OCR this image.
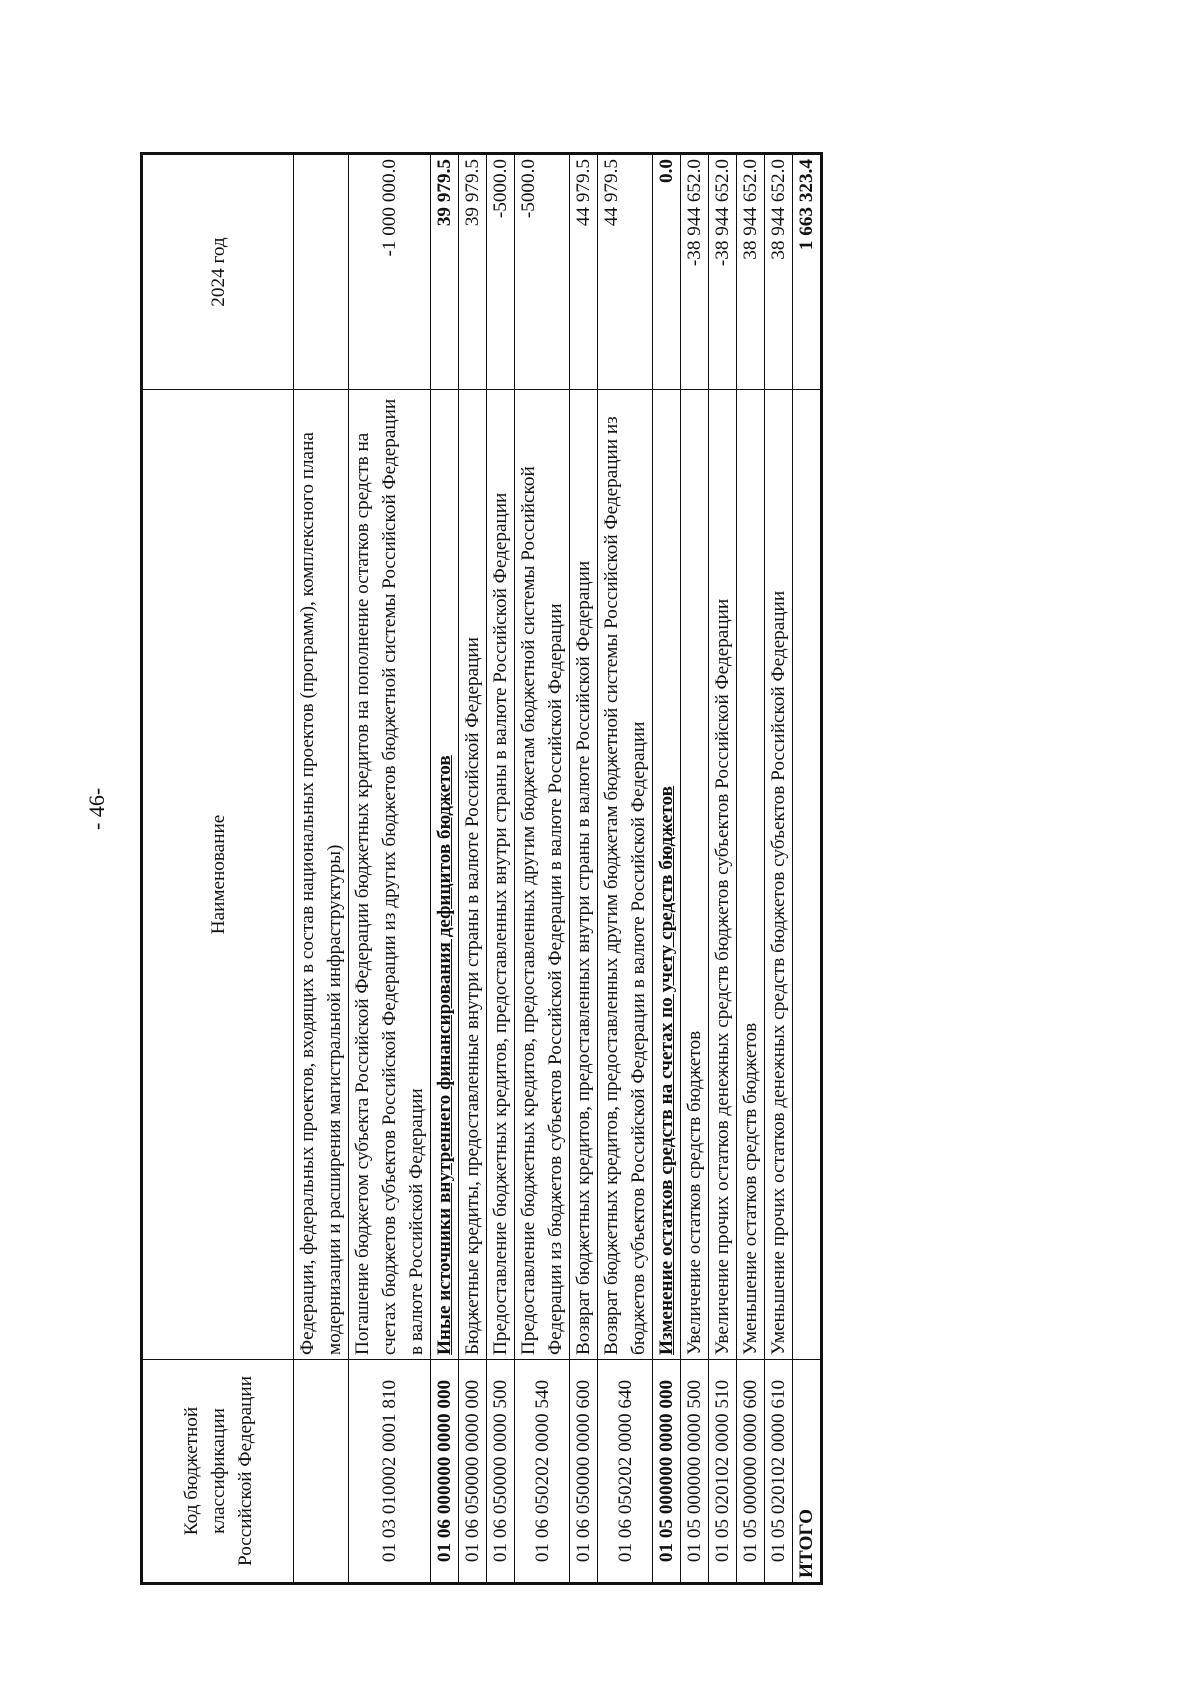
- 46-
Код бюджетной классификации Российской Федерации	Наименование	2024 год
	Федерации, федеральных проектов, входящих в состав национальных проектов (программ), комплексного плана модернизации и расширения магистральной инфраструктуры)	
01 03 010002 0001 810	Погашение бюджетом субъекта Российской Федерации бюджетных кредитов на пополнение остатков средств на счетах бюджетов субъектов Российской Федерации из других бюджетов бюджетной системы Российской Федерации в валюте Российской Федерации	-1 000 000.0
01 06 000000 0000 000	Иные источники внутреннего финансирования дефицитов бюджетов	39 979.5
01 06 050000 0000 000	Бюджетные кредиты, предоставленные внутри страны в валюте Российской Федерации	39 979.5
01 06 050000 0000 500	Предоставление бюджетных кредитов, предоставленных внутри страны в валюте Российской Федерации	-5000.0
01 06 050202 0000 540	Предоставление бюджетных кредитов, предоставленных другим бюджетам бюджетной системы Российской Федерации из бюджетов субъектов Российской Федерации в валюте Российской Федерации	-5000.0
01 06 050000 0000 600	Возврат бюджетных кредитов, предоставленных внутри страны в валюте Российской Федерации	44 979.5
01 06 050202 0000 640	Возврат бюджетных кредитов, предоставленных другим бюджетам бюджетной системы Российской Федерации из бюджетов субъектов Российской Федерации в валюте Российской Федерации	44 979.5
01 05 000000 0000 000	Изменение остатков средств на счетах по учету средств бюджетов	0.0
01 05 000000 0000 500	Увеличение остатков средств бюджетов	-38 944 652.0
01 05 020102 0000 510	Увеличение прочих остатков денежных средств бюджетов субъектов Российской Федерации	-38 944 652.0
01 05 000000 0000 600	Уменьшение остатков средств бюджетов	38 944 652.0
01 05 020102 0000 610	Уменьшение прочих остатков денежных средств бюджетов субъектов Российской Федерации	38 944 652.0
ИТОГО		1 663 323.4
